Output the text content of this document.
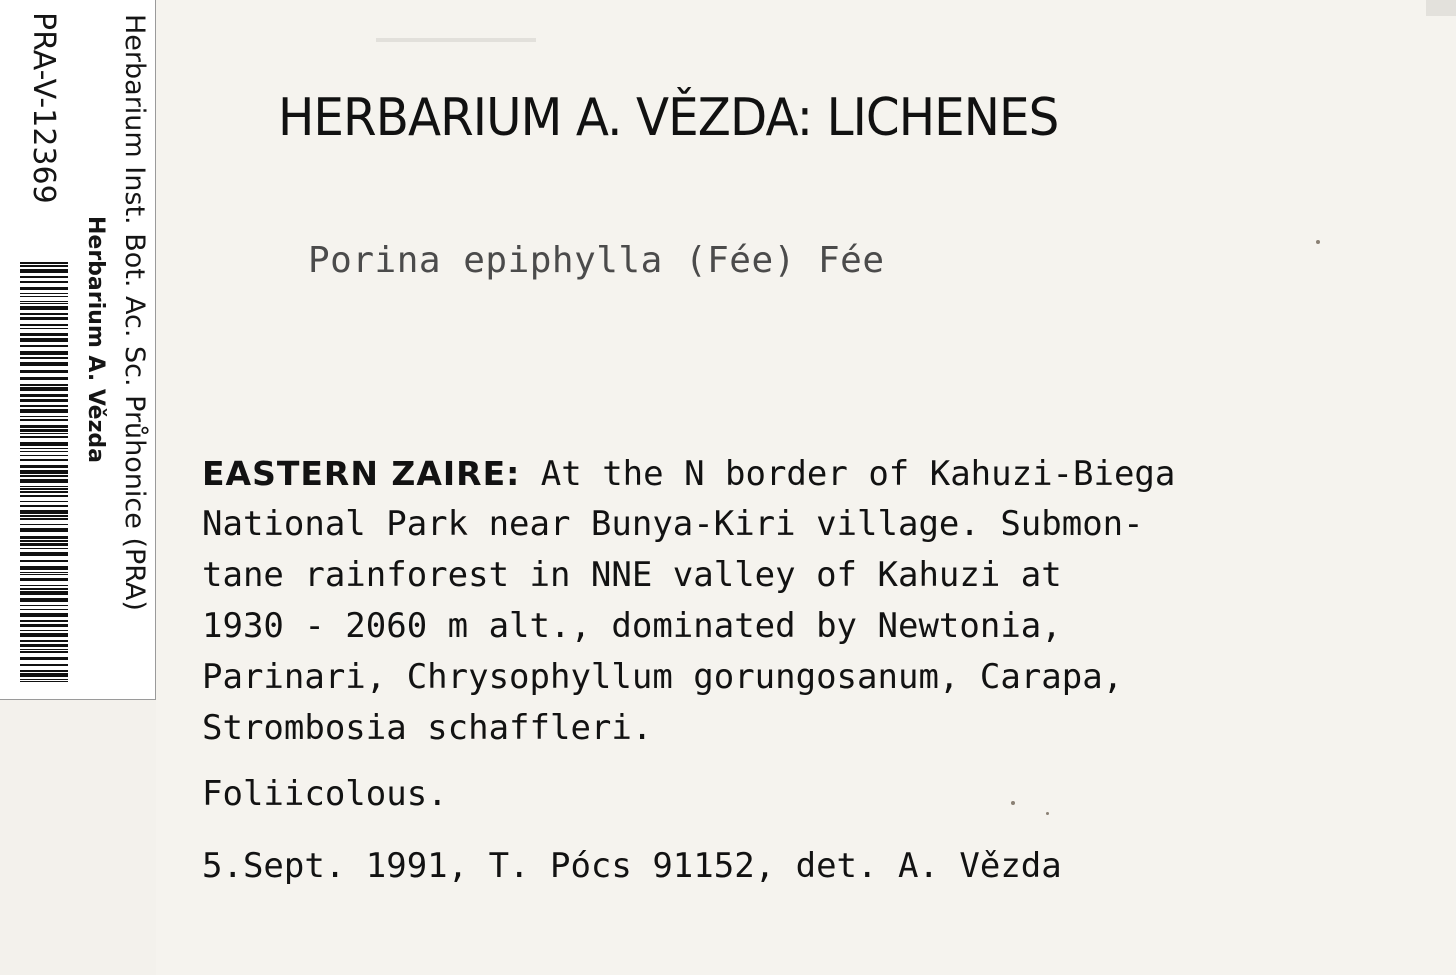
PRA-V-12369
Herbarium A. Vězda Herbarium Inst. Bot. Ac. Sc. Průhonice (PRA) HERBARIUM A. VĚZDA: LICHENES
Porina epiphylla (Fée) Fée
EASTERN ZAIRE: At the N border of Kahuzi-Biega
National Park near Bunya-Kiri village. Submon-
tane rainforest in NNE valley of Kahuzi at
1930 - 2060 m alt., dominated by Newtonia,
Parinari, Chrysophyllum gorungosanum, Carapa,
Strombosia schaffleri.
Foliicolous.
5.Sept. 1991, T. Pócs 91152, det. A. Vězda
